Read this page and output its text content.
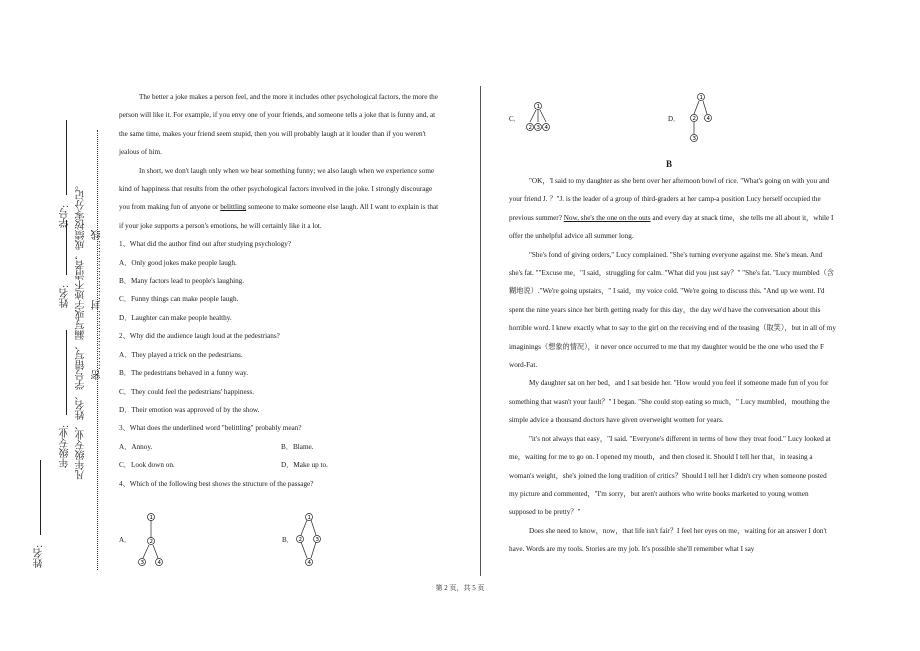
学号:
姓名:
年级专业:
姓名:
凡年级专业、姓名、学号错写、漏写或字迹不清者，成绩按零分记。 密………………封………………线

The better a joke makes a person feel, and the more it includes other psychological factors, the more the person will like it. For example, if you envy one of your friends, and someone tells a joke that is funny and, at the same time, makes your friend seem stupid, then you will probably laugh at it louder than if you weren't jealous of him.

In short, we don't laugh only when we hear something funny; we also laugh when we experience some kind of happiness that results from the other psychological factors involved in the joke. I strongly discourage you from making fun of anyone or belittling someone to make someone else laugh. All I want to explain is that if your joke supports a person's emotions, he will certainly like it a lot.

1、What did the author find out after studying psychology?

A．Only good jokes make people laugh.

B．Many factors lead to people's laughing.

C．Funny things can make people laugh.

D．Laughter can make people healthy.

2、Why did the audience laugh loud at the pedestrians?

A．They played a trick on the pedestrians.

B．The pedestrians behaved in a funny way.

C．They could feel the pedestrians' happiness.

D．Their emotion was approved of by the show.

3、What does the underlined word "belittling" probably mean?

A．Annoy.	B．Blame.

C．Look down on.	D．Make up to.

4、Which of the following best shows the structure of the passage?

A．
1
2
3 4
B．
1
2 3
4
C．
1
2 3 4
D．
1
2 4
3
B

"OK，'I said to my daughter as she bent over her afternoon bowl of rice. "What's going on with you and your friend J. ？"J. is the leader of a group of third-graders at her camp-a position Lucy herself occupied the previous summer? Now, she's the one on the outs and every day at snack time，she tells me all about it，while I offer the unhelpful advice all summer long.

"She's fond of giving orders," Lucy complained. "She's turning everyone against me. She's mean. And she's fat. ""Excuse me，"I said，struggling for calm. "What did you just say？" "She's fat. "Lucy mumbled（含糊地说）."We're going upstairs，" I said，my voice cold. "We're going to discuss this. "And up we went. I'd spent the nine years since her birth getting ready for this day，the day we'd have the conversation about this horrible word. I knew exactly what to say to the girl on the receiving end of the teasing（取笑），but in all of my imaginings（想象的情况），it never once occurred to me that my daughter would be the one who used the F word-Fat.

My daughter sat on her bed，and I sat beside her. "How would you feel if someone made fun of you for something that wasn't your fault？" I began. "She could stop eating so much，" Lucy mumbled，mouthing the simple advice a thousand doctors have given overweight women for years.

"it's not always that easy，"I said. "Everyone's different in terms of how they treat food." Lucy looked at me，waiting for me to go on. I opened my mouth，and then closed it. Should I tell her that，in teasing a woman's weight，she's joined the long tradition of critics？Should I tell her I didn't cry when someone posted my picture and commented，"I'm sorry，but aren't authors who write books marketed to young women supposed to be pretty？"

Does she need to know，now，that life isn't fair？I feel her eyes on me，waiting for an answer I don't have. Words are my tools. Stories are my job. It's possible she'll remember what I say

第 2 页，共 5 页
